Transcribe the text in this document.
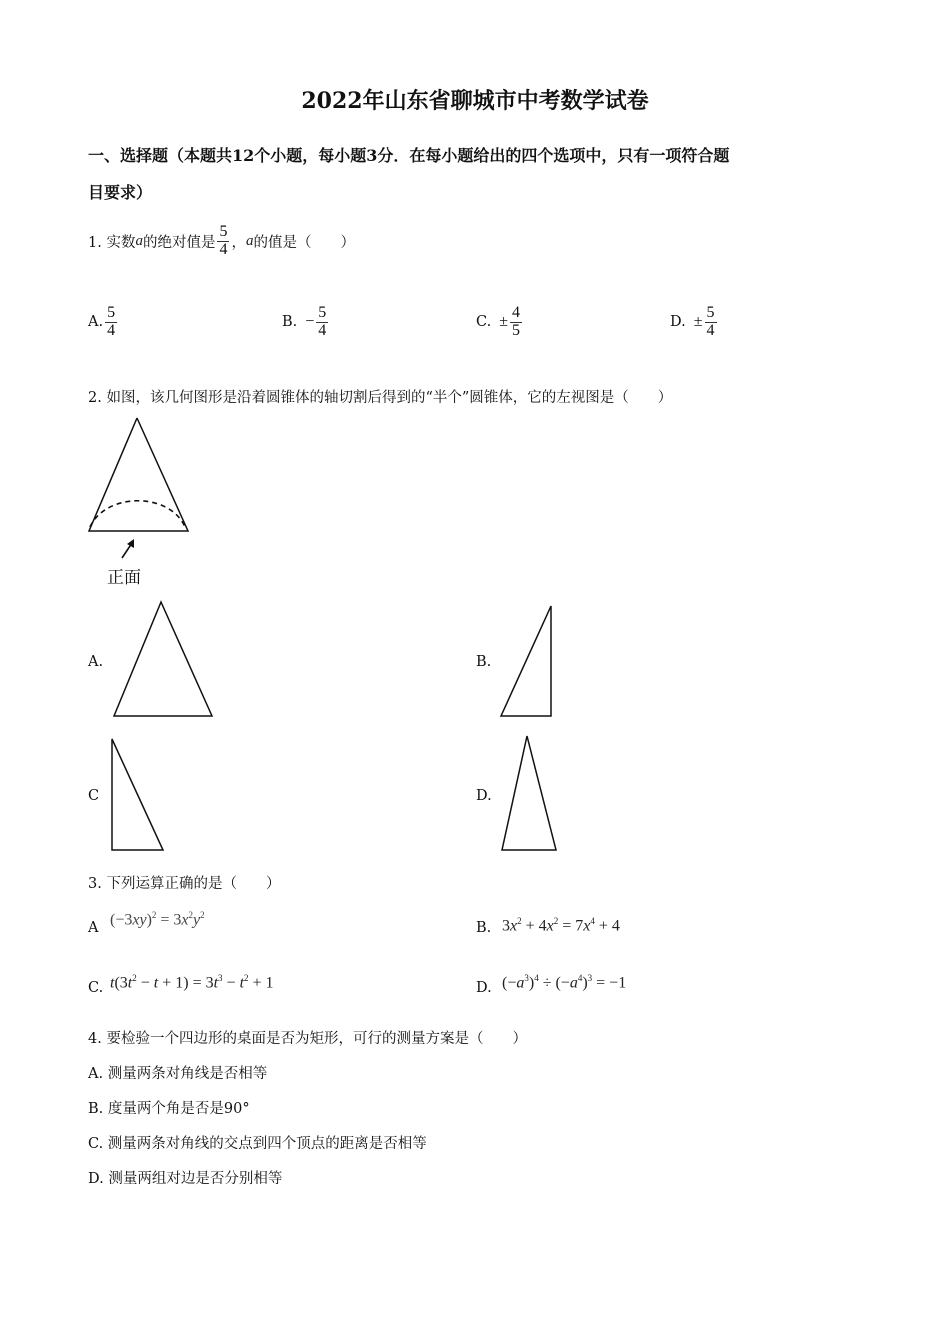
2022年山东省聊城市中考数学试卷
一、选择题（本题共12个小题，每小题3分．在每小题给出的四个选项中，只有一项符合题
目要求）
1. 实数 a 的绝对值是 $\frac{5}{4}$ ， a 的值是（　　）
A. $\frac{5}{4}$	B. − $\frac{5}{4}$	C. ± $\frac{4}{5}$	D. ± $\frac{5}{4}$
2. 如图，该几何图形是沿着圆锥体的轴切割后得到的“半个”圆锥体，它的左视图是（　　）
正面
A.	B.
C	D.
3. 下列运算正确的是（　　）
A $(-3xy)^2 = 3x^2y^2$
B. $3x^2 + 4x^2 = 7x^4 + 4$
C. $t(3t^2 - t + 1) = 3t^3 - t^2 + 1$	D. $(-a^3)^4 \div (-a^4)^3 = -1$
4. 要检验一个四边形的桌面是否为矩形，可行的测量方案是（　　）
A. 测量两条对角线是否相等
B. 度量两个角是否是90°
C. 测量两条对角线的交点到四个顶点的距离是否相等
D. 测量两组对边是否分别相等
